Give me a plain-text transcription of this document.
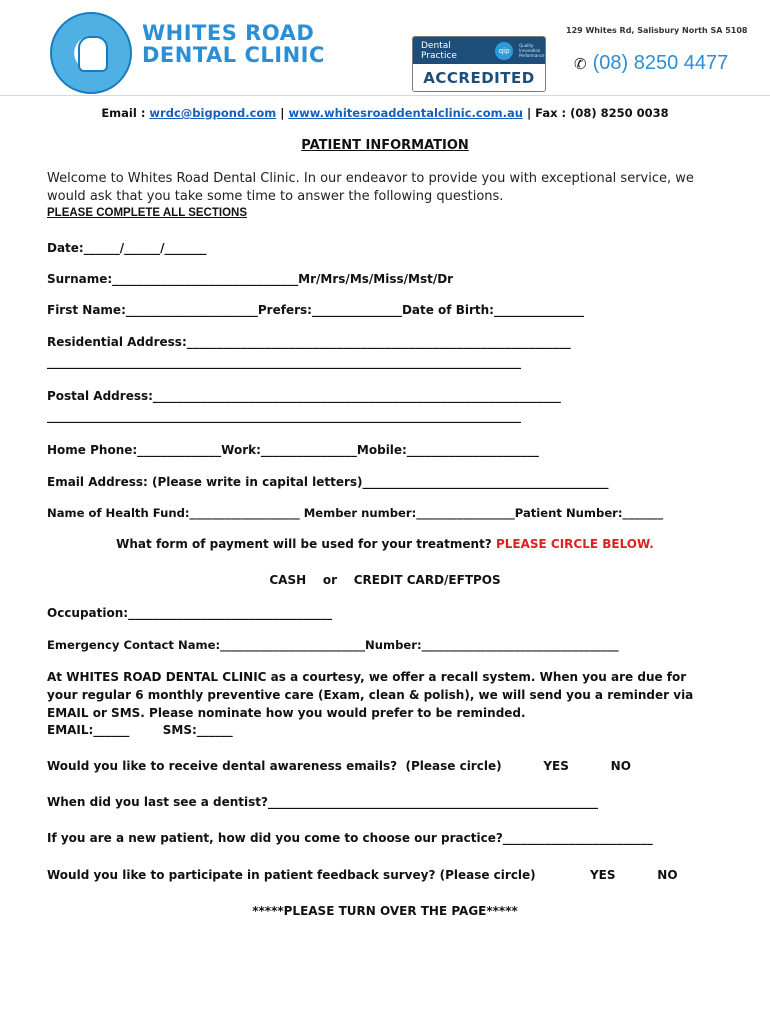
WHITES ROAD
DENTAL CLINIC	Dental Practice	qip
Quality Innovation Performance
ACCREDITED
129 Whites Rd, Salisbury North SA 5108
✆ (08) 8250 4477
Email : wrdc@bigpond.com | www.whitesroaddentalclinic.com.au | Fax : (08) 8250 0038
PATIENT INFORMATION
Welcome to Whites Road Dental Clinic. In our endeavor to provide you with exceptional service, we would ask that you take some time to answer the following questions.
PLEASE COMPLETE ALL SECTIONS
Date:______/______/_______
Surname:_______________________________Mr/Mrs/Ms/Miss/Mst/Dr
First Name:______________________Prefers:_______________Date of Birth:_______________
Residential Address:________________________________________________________________
_______________________________________________________________________________
Postal Address:____________________________________________________________________
_______________________________________________________________________________
Home Phone:______________Work:________________Mobile:______________________
Email Address: (Please write in capital letters)_________________________________________
Name of Health Fund:___________________ Member number:_________________Patient Number:_______
What form of payment will be used for your treatment? PLEASE CIRCLE BELOW.
CASH    or    CREDIT CARD/EFTPOS
Occupation:__________________________________
Emergency Contact Name:_________________________Number:__________________________________
At WHITES ROAD DENTAL CLINIC as a courtesy, we offer a recall system. When you are due for your regular 6 monthly preventive care (Exam, clean & polish), we will send you a reminder via EMAIL or SMS. Please nominate how you would prefer to be reminded.
EMAIL:______        SMS:______
Would you like to receive dental awareness emails?  (Please circle)          YES          NO
When did you last see a dentist?_______________________________________________________
If you are a new patient, how did you come to choose our practice?_________________________
Would you like to participate in patient feedback survey? (Please circle)             YES          NO
*****PLEASE TURN OVER THE PAGE*****
